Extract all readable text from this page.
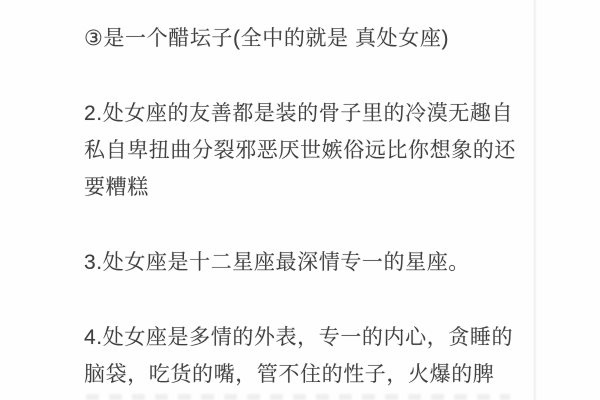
③是一个醋坛子(全中的就是 真处女座)
2.处女座的友善都是装的骨子里的冷漠无趣自
私自卑扭曲分裂邪恶厌世嫉俗远比你想象的还
要糟糕
3.处女座是十二星座最深情专一的星座。
4.处女座是多情的外表，专一的内心，贪睡的
脑袋，吃货的嘴，管不住的性子，火爆的脾
